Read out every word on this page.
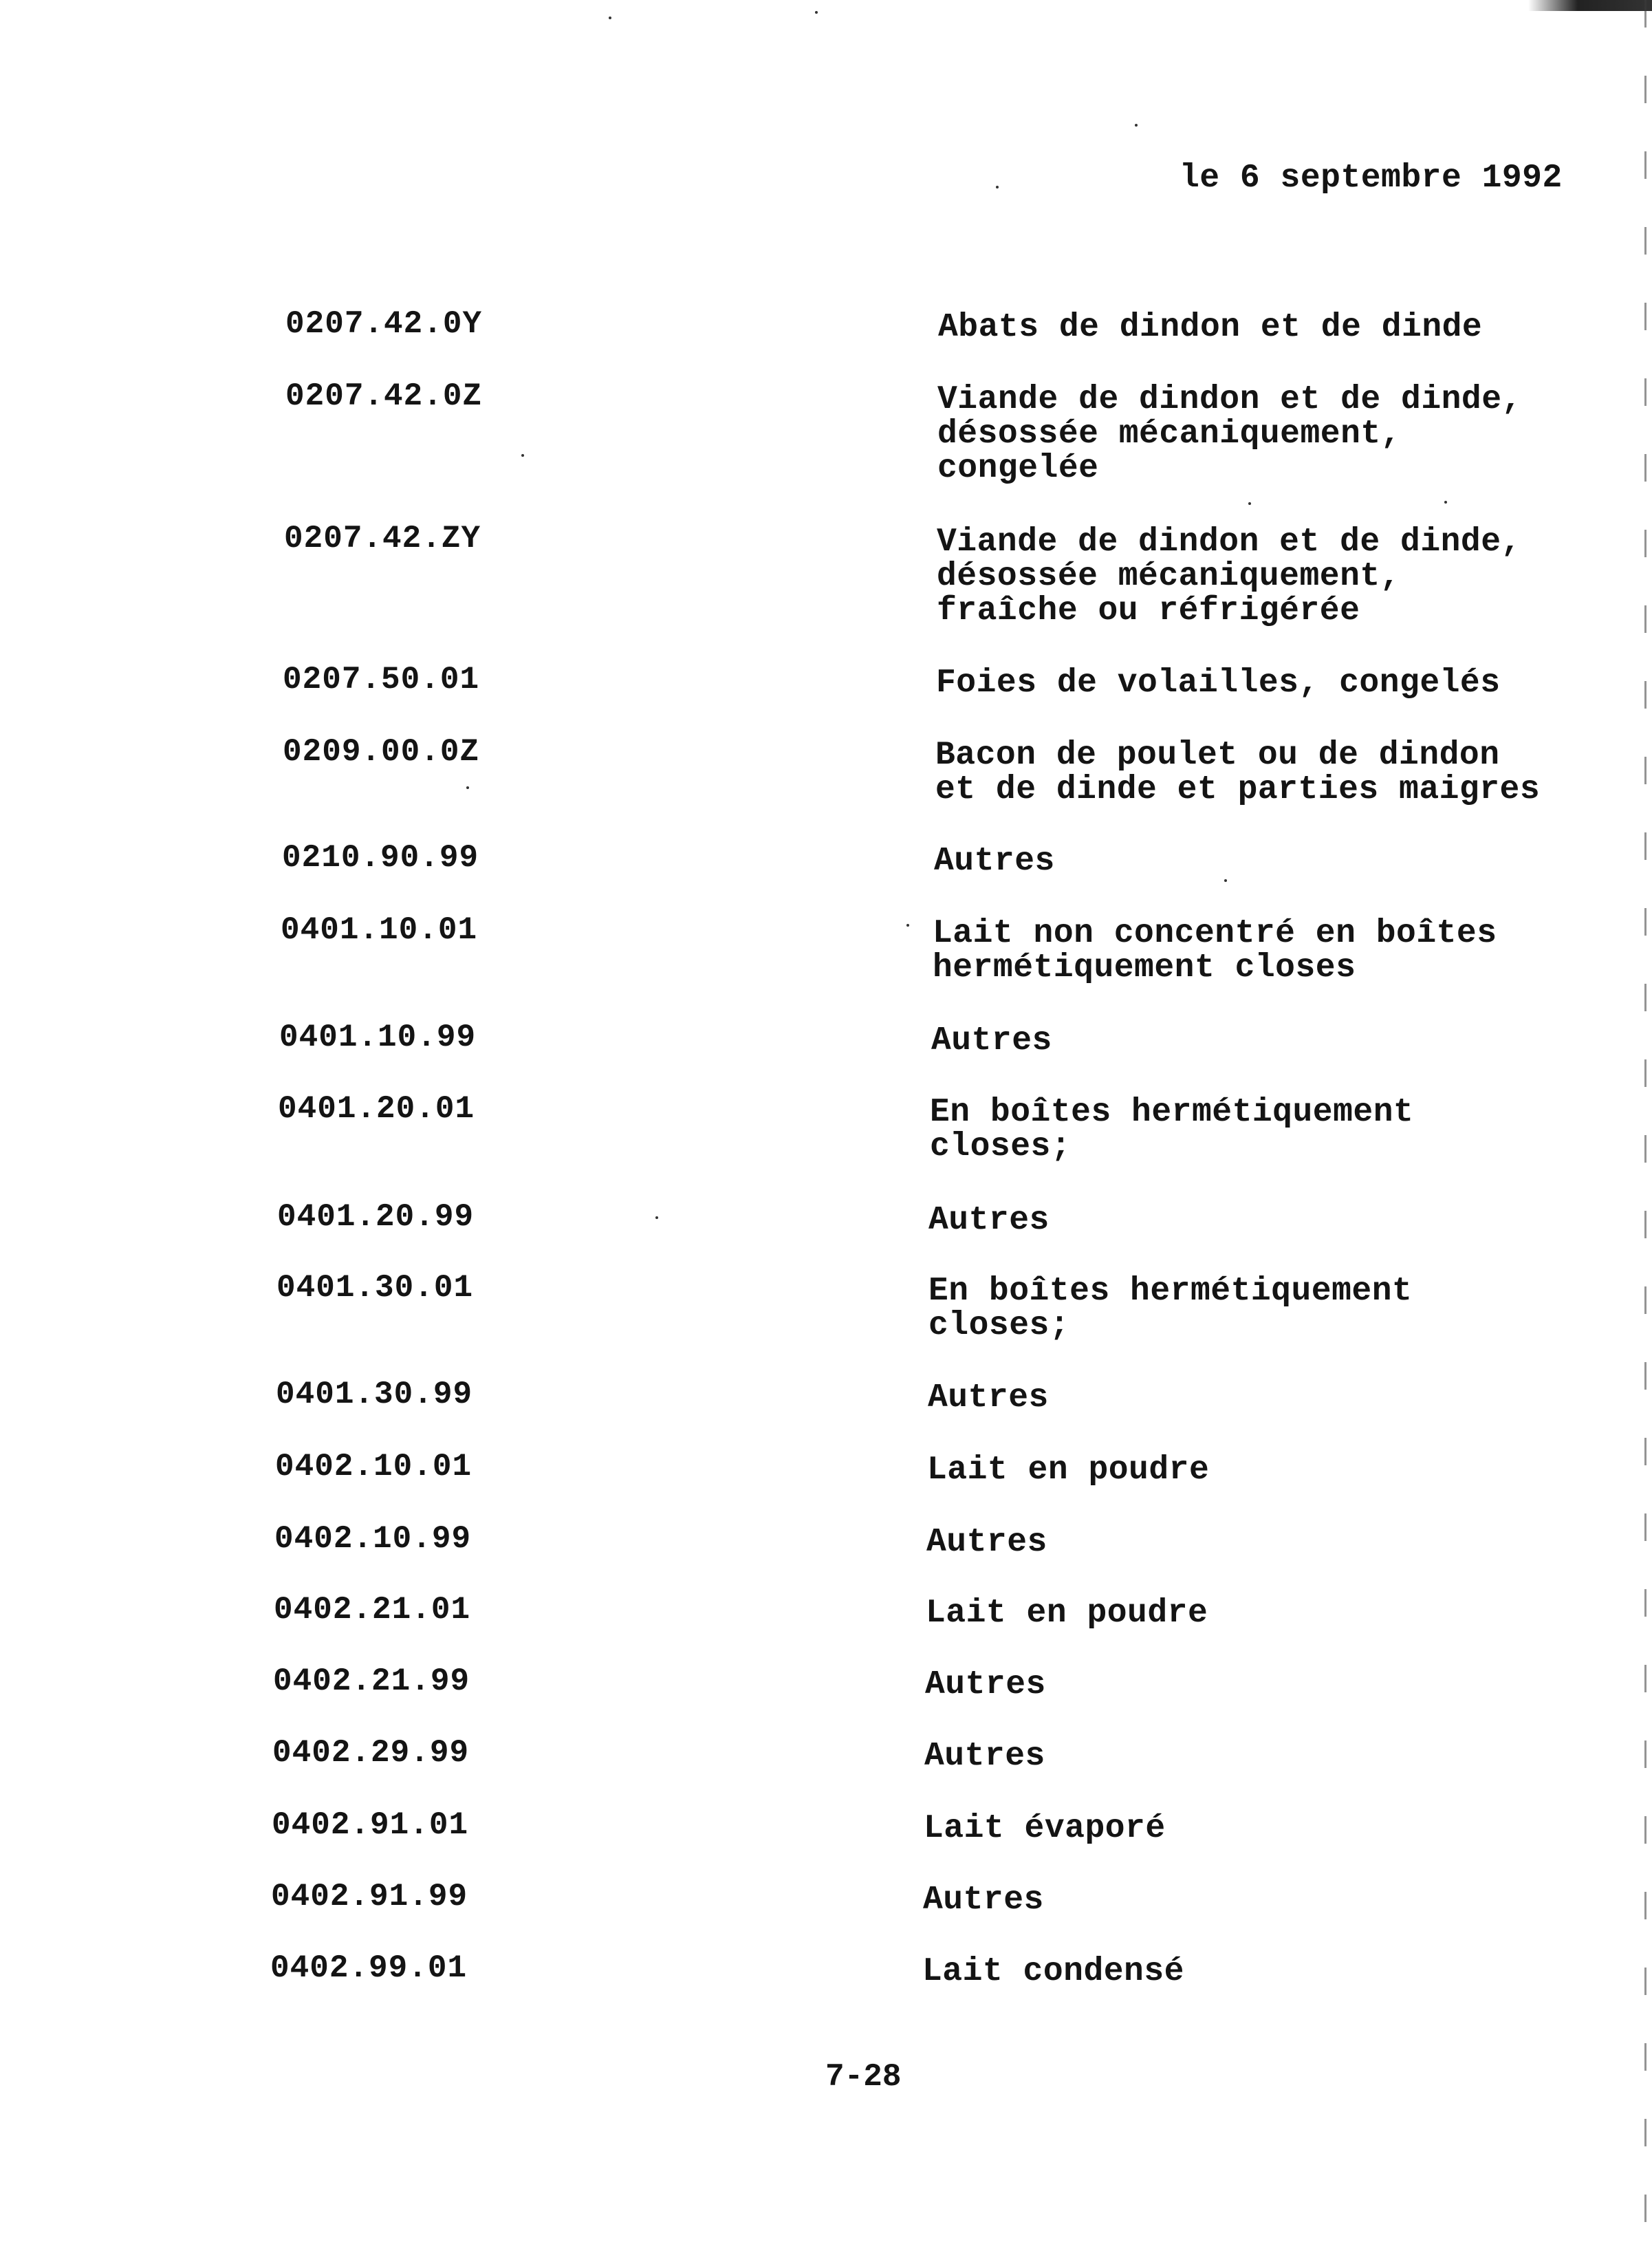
le 6 septembre 1992
0207.42.0Y	Abats de dindon et de dinde
0207.42.0Z	Viande de dindon et de dinde,
désossée mécaniquement,
congelée
0207.42.ZY	Viande de dindon et de dinde,
désossée mécaniquement,
fraîche ou réfrigérée
0207.50.01	Foies de volailles, congelés
0209.00.0Z	Bacon de poulet ou de dindon
et de dinde et parties maigres
0210.90.99	Autres
0401.10.01	Lait non concentré en boîtes
hermétiquement closes
0401.10.99	Autres
0401.20.01	En boîtes hermétiquement
closes;
0401.20.99	Autres
0401.30.01	En boîtes hermétiquement
closes;
0401.30.99	Autres
0402.10.01	Lait en poudre
0402.10.99	Autres
0402.21.01	Lait en poudre
0402.21.99	Autres
0402.29.99	Autres
0402.91.01	Lait évaporé
0402.91.99	Autres
0402.99.01	Lait condensé
7-28
